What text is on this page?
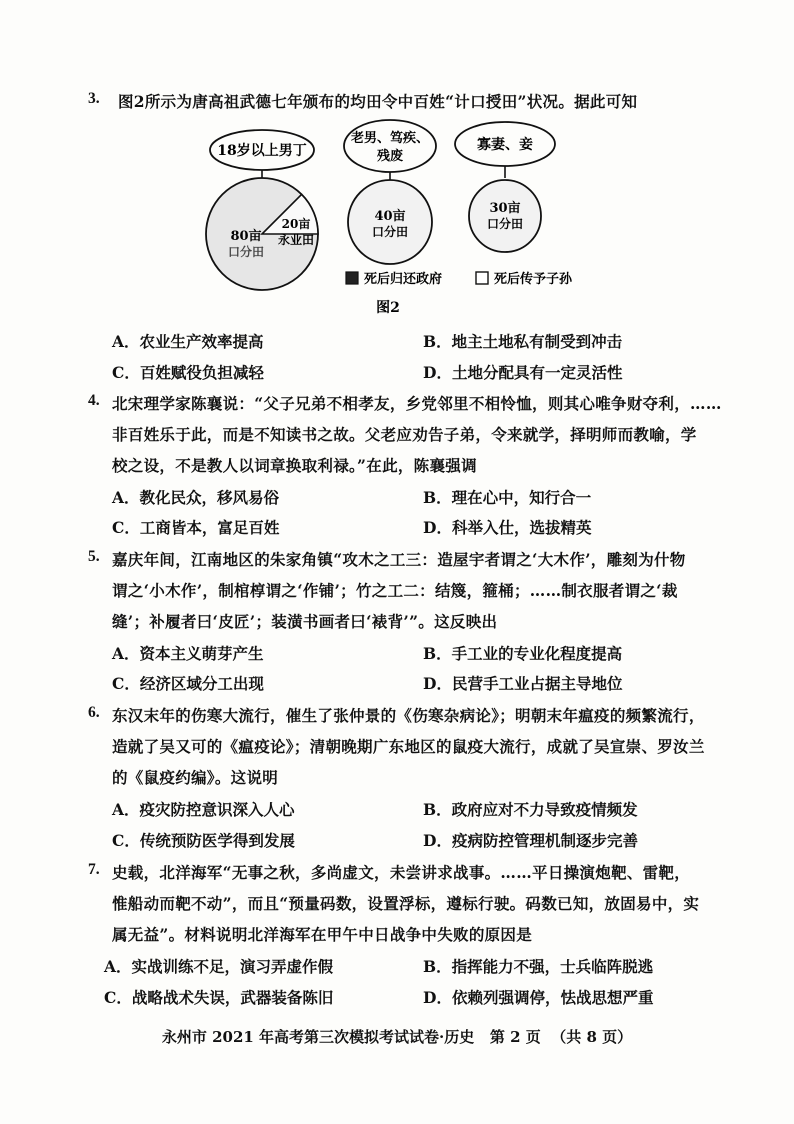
3. 图2所示为唐高祖武德七年颁布的均田令中百姓“计口授田”状况。据此可知
18岁以上男丁
80亩
口分田
20亩
永业田
老男、笃疾、
残废
40亩
口分田
寡妻、妾
30亩
口分田
死后归还政府	死后传予子孙
图2
A．农业生产效率提高	B．地主土地私有制受到冲击
C．百姓赋役负担减轻	D．土地分配具有一定灵活性
4. 北宋理学家陈襄说：“父子兄弟不相孝友，乡党邻里不相怜恤，则其心唯争财夺利，……
非百姓乐于此，而是不知读书之故。父老应劝告子弟，令来就学，择明师而教喻，学
校之设，不是教人以词章换取利禄。”在此，陈襄强调
A．教化民众，移风易俗	B．理在心中，知行合一
C．工商皆本，富足百姓	D．科举入仕，选拔精英
5. 嘉庆年间，江南地区的朱家角镇“攻木之工三：造屋宇者谓之‘大木作’，雕刻为什物
谓之‘小木作’，制棺椁谓之‘作铺’；竹之工二：结篾，箍桶；……制衣服者谓之‘裁
缝’；补履者曰‘皮匠’；装潢书画者曰‘裱背’”。这反映出
A．资本主义萌芽产生	B．手工业的专业化程度提高
C．经济区域分工出现	D．民营手工业占据主导地位
6. 东汉末年的伤寒大流行，催生了张仲景的《伤寒杂病论》；明朝末年瘟疫的频繁流行，
造就了吴又可的《瘟疫论》；清朝晚期广东地区的鼠疫大流行，成就了吴宣崇、罗汝兰
的《鼠疫约编》。这说明
A．疫灾防控意识深入人心	B．政府应对不力导致疫情频发
C．传统预防医学得到发展	D．疫病防控管理机制逐步完善
7. 史载，北洋海军“无事之秋，多尚虚文，未尝讲求战事。……平日操演炮靶、雷靶，
惟船动而靶不动”，而且“预量码数，设置浮标，遵标行驶。码数已知，放固易中，实
属无益”。材料说明北洋海军在甲午中日战争中失败的原因是
A．实战训练不足，演习弄虚作假	B．指挥能力不强，士兵临阵脱逃
C．战略战术失误，武器装备陈旧	D．依赖列强调停，怯战思想严重
永州市 2021 年高考第三次模拟考试试卷·历史   第 2 页  （共 8 页）
